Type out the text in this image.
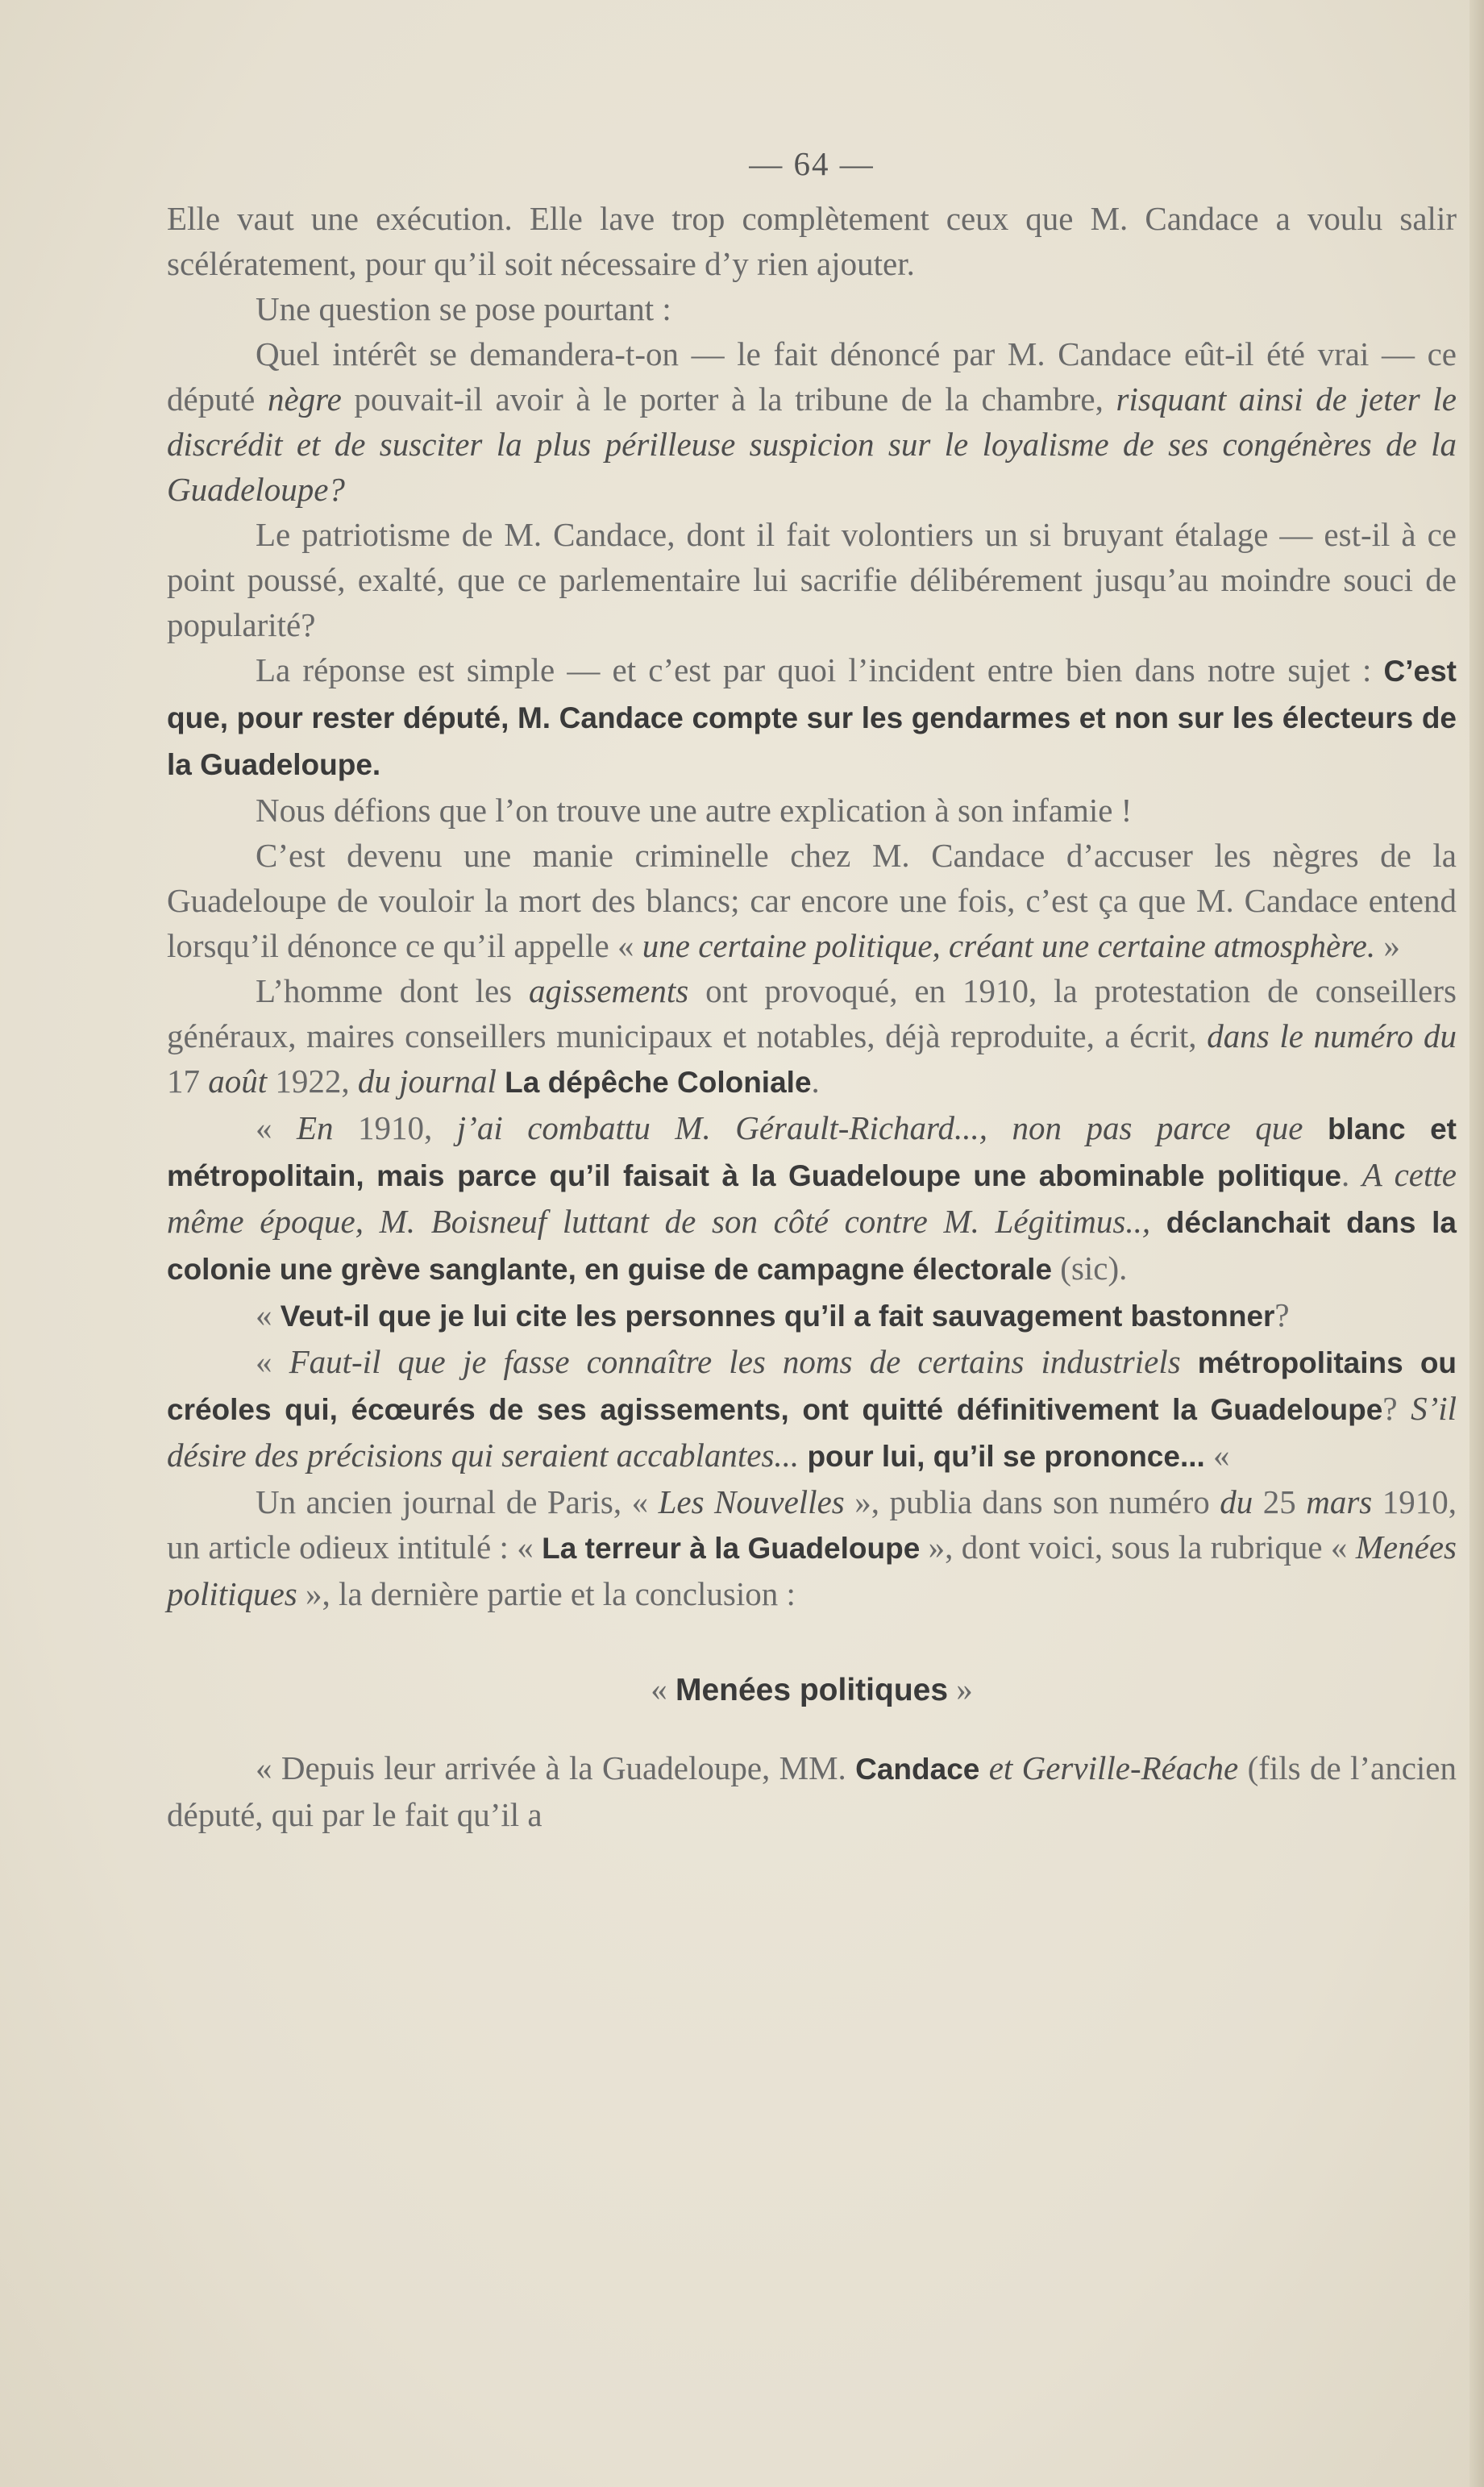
— 64 —

Elle vaut une exécution. Elle lave trop complètement ceux que M. Candace a voulu salir scélératement, pour qu’il soit nécessaire d’y rien ajouter.

Une question se pose pourtant :

Quel intérêt se demandera-t-on — le fait dénoncé par M. Candace eût-il été vrai — ce député nègre pouvait-il avoir à le porter à la tribune de la chambre, risquant ainsi de jeter le discrédit et de susciter la plus périlleuse suspicion sur le loyalisme de ses congénères de la Guadeloupe?

Le patriotisme de M. Candace, dont il fait volontiers un si bruyant étalage — est-il à ce point poussé, exalté, que ce parlementaire lui sacrifie délibérement jusqu’au moindre souci de popularité?

La réponse est simple — et c’est par quoi l’incident entre bien dans notre sujet : C’est que, pour rester député, M. Candace compte sur les gendarmes et non sur les électeurs de la Guadeloupe.

Nous défions que l’on trouve une autre explication à son infamie !

C’est devenu une manie criminelle chez M. Candace d’accuser les nègres de la Guadeloupe de vouloir la mort des blancs; car encore une fois, c’est ça que M. Candace entend lorsqu’il dénonce ce qu’il appelle « une certaine politique, créant une certaine atmosphère. »

L’homme dont les agissements ont provoqué, en 1910, la protestation de conseillers généraux, maires conseillers municipaux et notables, déjà reproduite, a écrit, dans le numéro du 17 août 1922, du journal La dépêche Coloniale.

« En 1910, j’ai combattu M. Gérault-Richard..., non pas parce que blanc et métropolitain, mais parce qu’il faisait à la Guadeloupe une abominable politique. A cette même époque, M. Boisneuf luttant de son côté contre M. Légitimus.., déclanchait dans la colonie une grève sanglante, en guise de campagne électorale (sic).

« Veut-il que je lui cite les personnes qu’il a fait sauvagement bastonner?

« Faut-il que je fasse connaître les noms de certains industriels métropolitains ou créoles qui, écœurés de ses agissements, ont quitté définitivement la Guadeloupe? S’il désire des précisions qui seraient accablantes... pour lui, qu’il se prononce... «

Un ancien journal de Paris, « Les Nouvelles », publia dans son numéro du 25 mars 1910, un article odieux intitulé : « La terreur à la Guadeloupe », dont voici, sous la rubrique « Menées politiques », la dernière partie et la conclusion :

« Menées politiques »

« Depuis leur arrivée à la Guadeloupe, MM. Candace et Gerville-Réache (fils de l’ancien député, qui par le fait qu’il a
